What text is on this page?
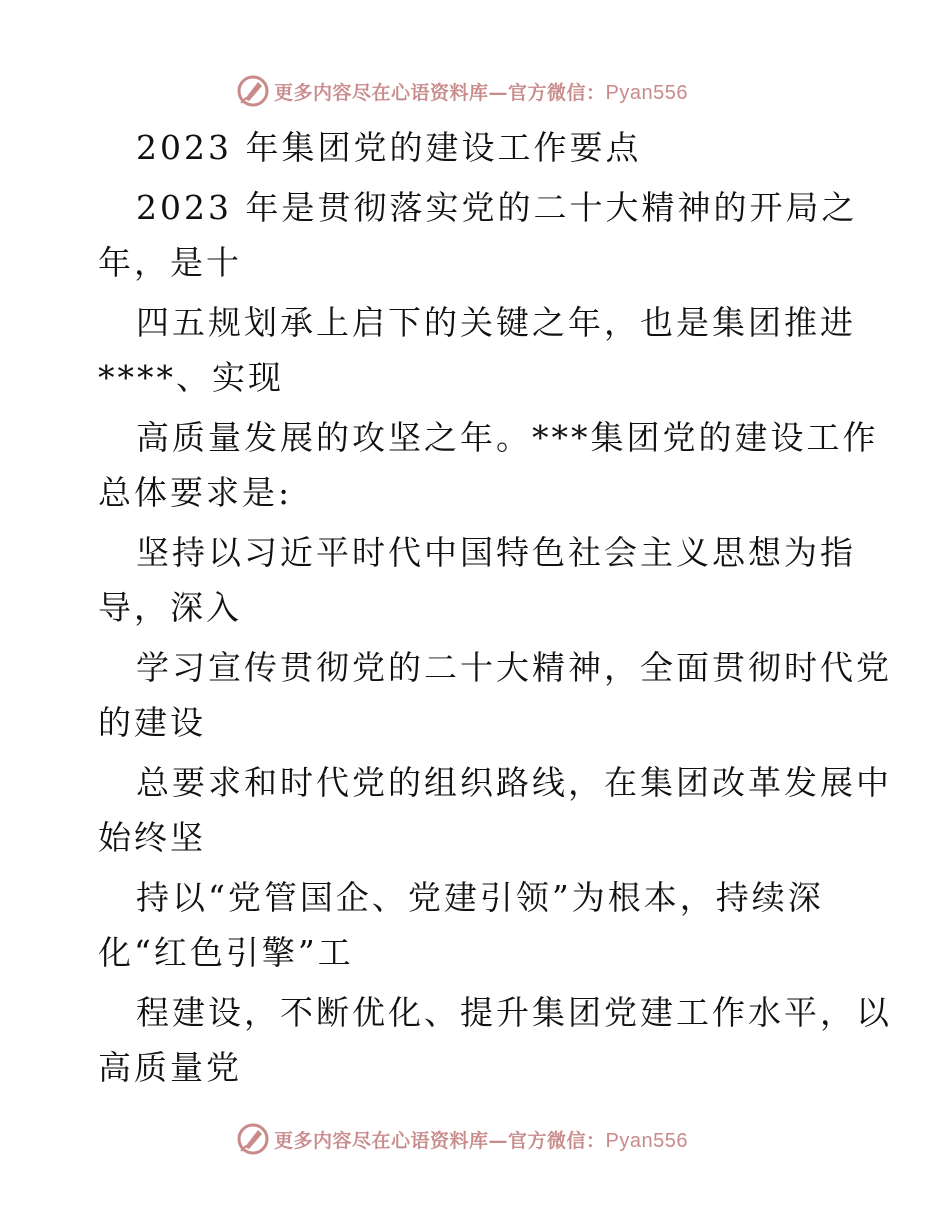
更多内容尽在心语资料库—官方微信：Pyan556
2023 年集团党的建设工作要点
2023 年是贯彻落实党的二十大精神的开局之
年，是十
四五规划承上启下的关键之年，也是集团推进
****、实现
高质量发展的攻坚之年。***集团党的建设工作
总体要求是:
坚持以习近平时代中国特色社会主义思想为指
导，深入
学习宣传贯彻党的二十大精神，全面贯彻时代党
的建设
总要求和时代党的组织路线，在集团改革发展中
始终坚
持以“党管国企、党建引领”为根本，持续深
化“红色引擎”工
程建设，不断优化、提升集团党建工作水平，以
高质量党
更多内容尽在心语资料库—官方微信：Pyan556
